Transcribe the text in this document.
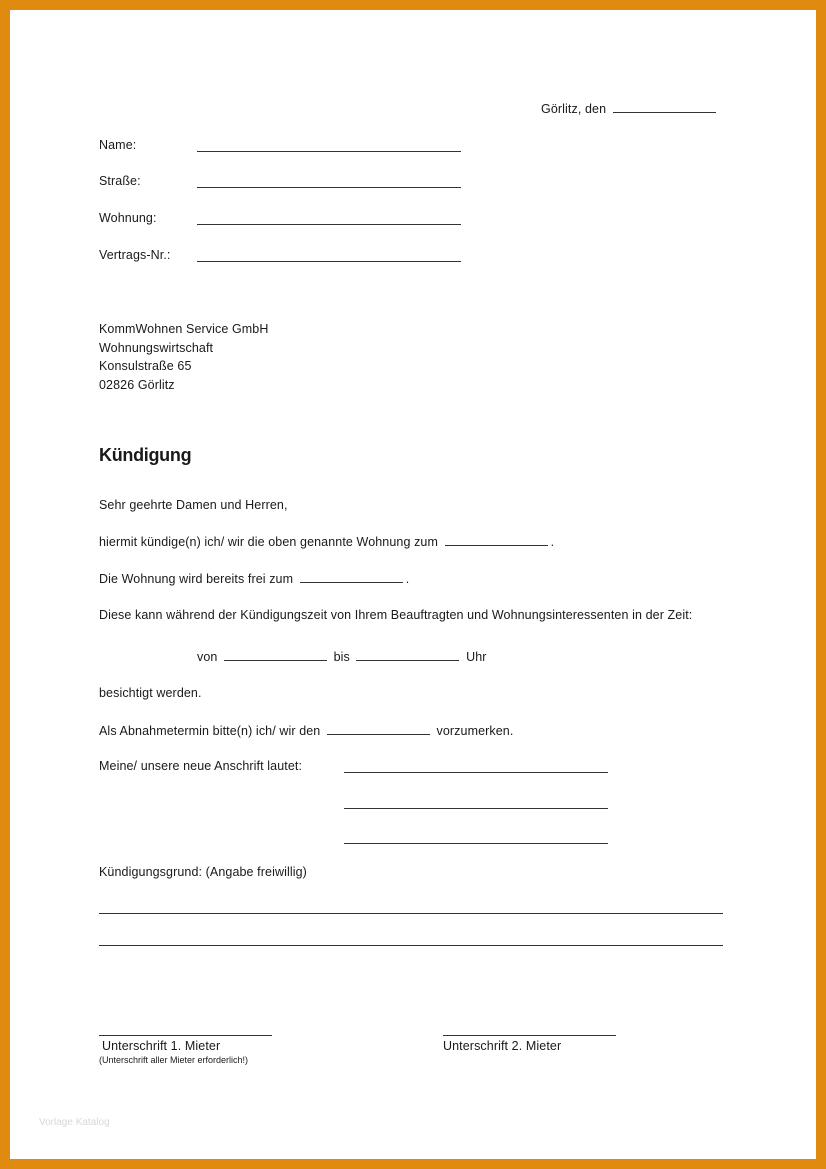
Görlitz, den
Name:
Straße:
Wohnung:
Vertrags-Nr.:
KommWohnen Service GmbH
Wohnungswirtschaft
Konsulstraße 65
02826 Görlitz
Kündigung
Sehr geehrte Damen und Herren,
hiermit kündige(n) ich/ wir die oben genannte Wohnung zum	.
Die Wohnung wird bereits frei zum	.
Diese kann während der Kündigungszeit von Ihrem Beauftragten und Wohnungsinteressenten in der Zeit:
von	bis	Uhr
besichtigt werden.
Als Abnahmetermin bitte(n) ich/ wir den	vorzumerken.
Meine/ unsere neue Anschrift lautet:
Kündigungsgrund: (Angabe freiwillig)
Unterschrift 1. Mieter
(Unterschrift aller Mieter erforderlich!)
Unterschrift 2. Mieter
Vorlage Katalog
